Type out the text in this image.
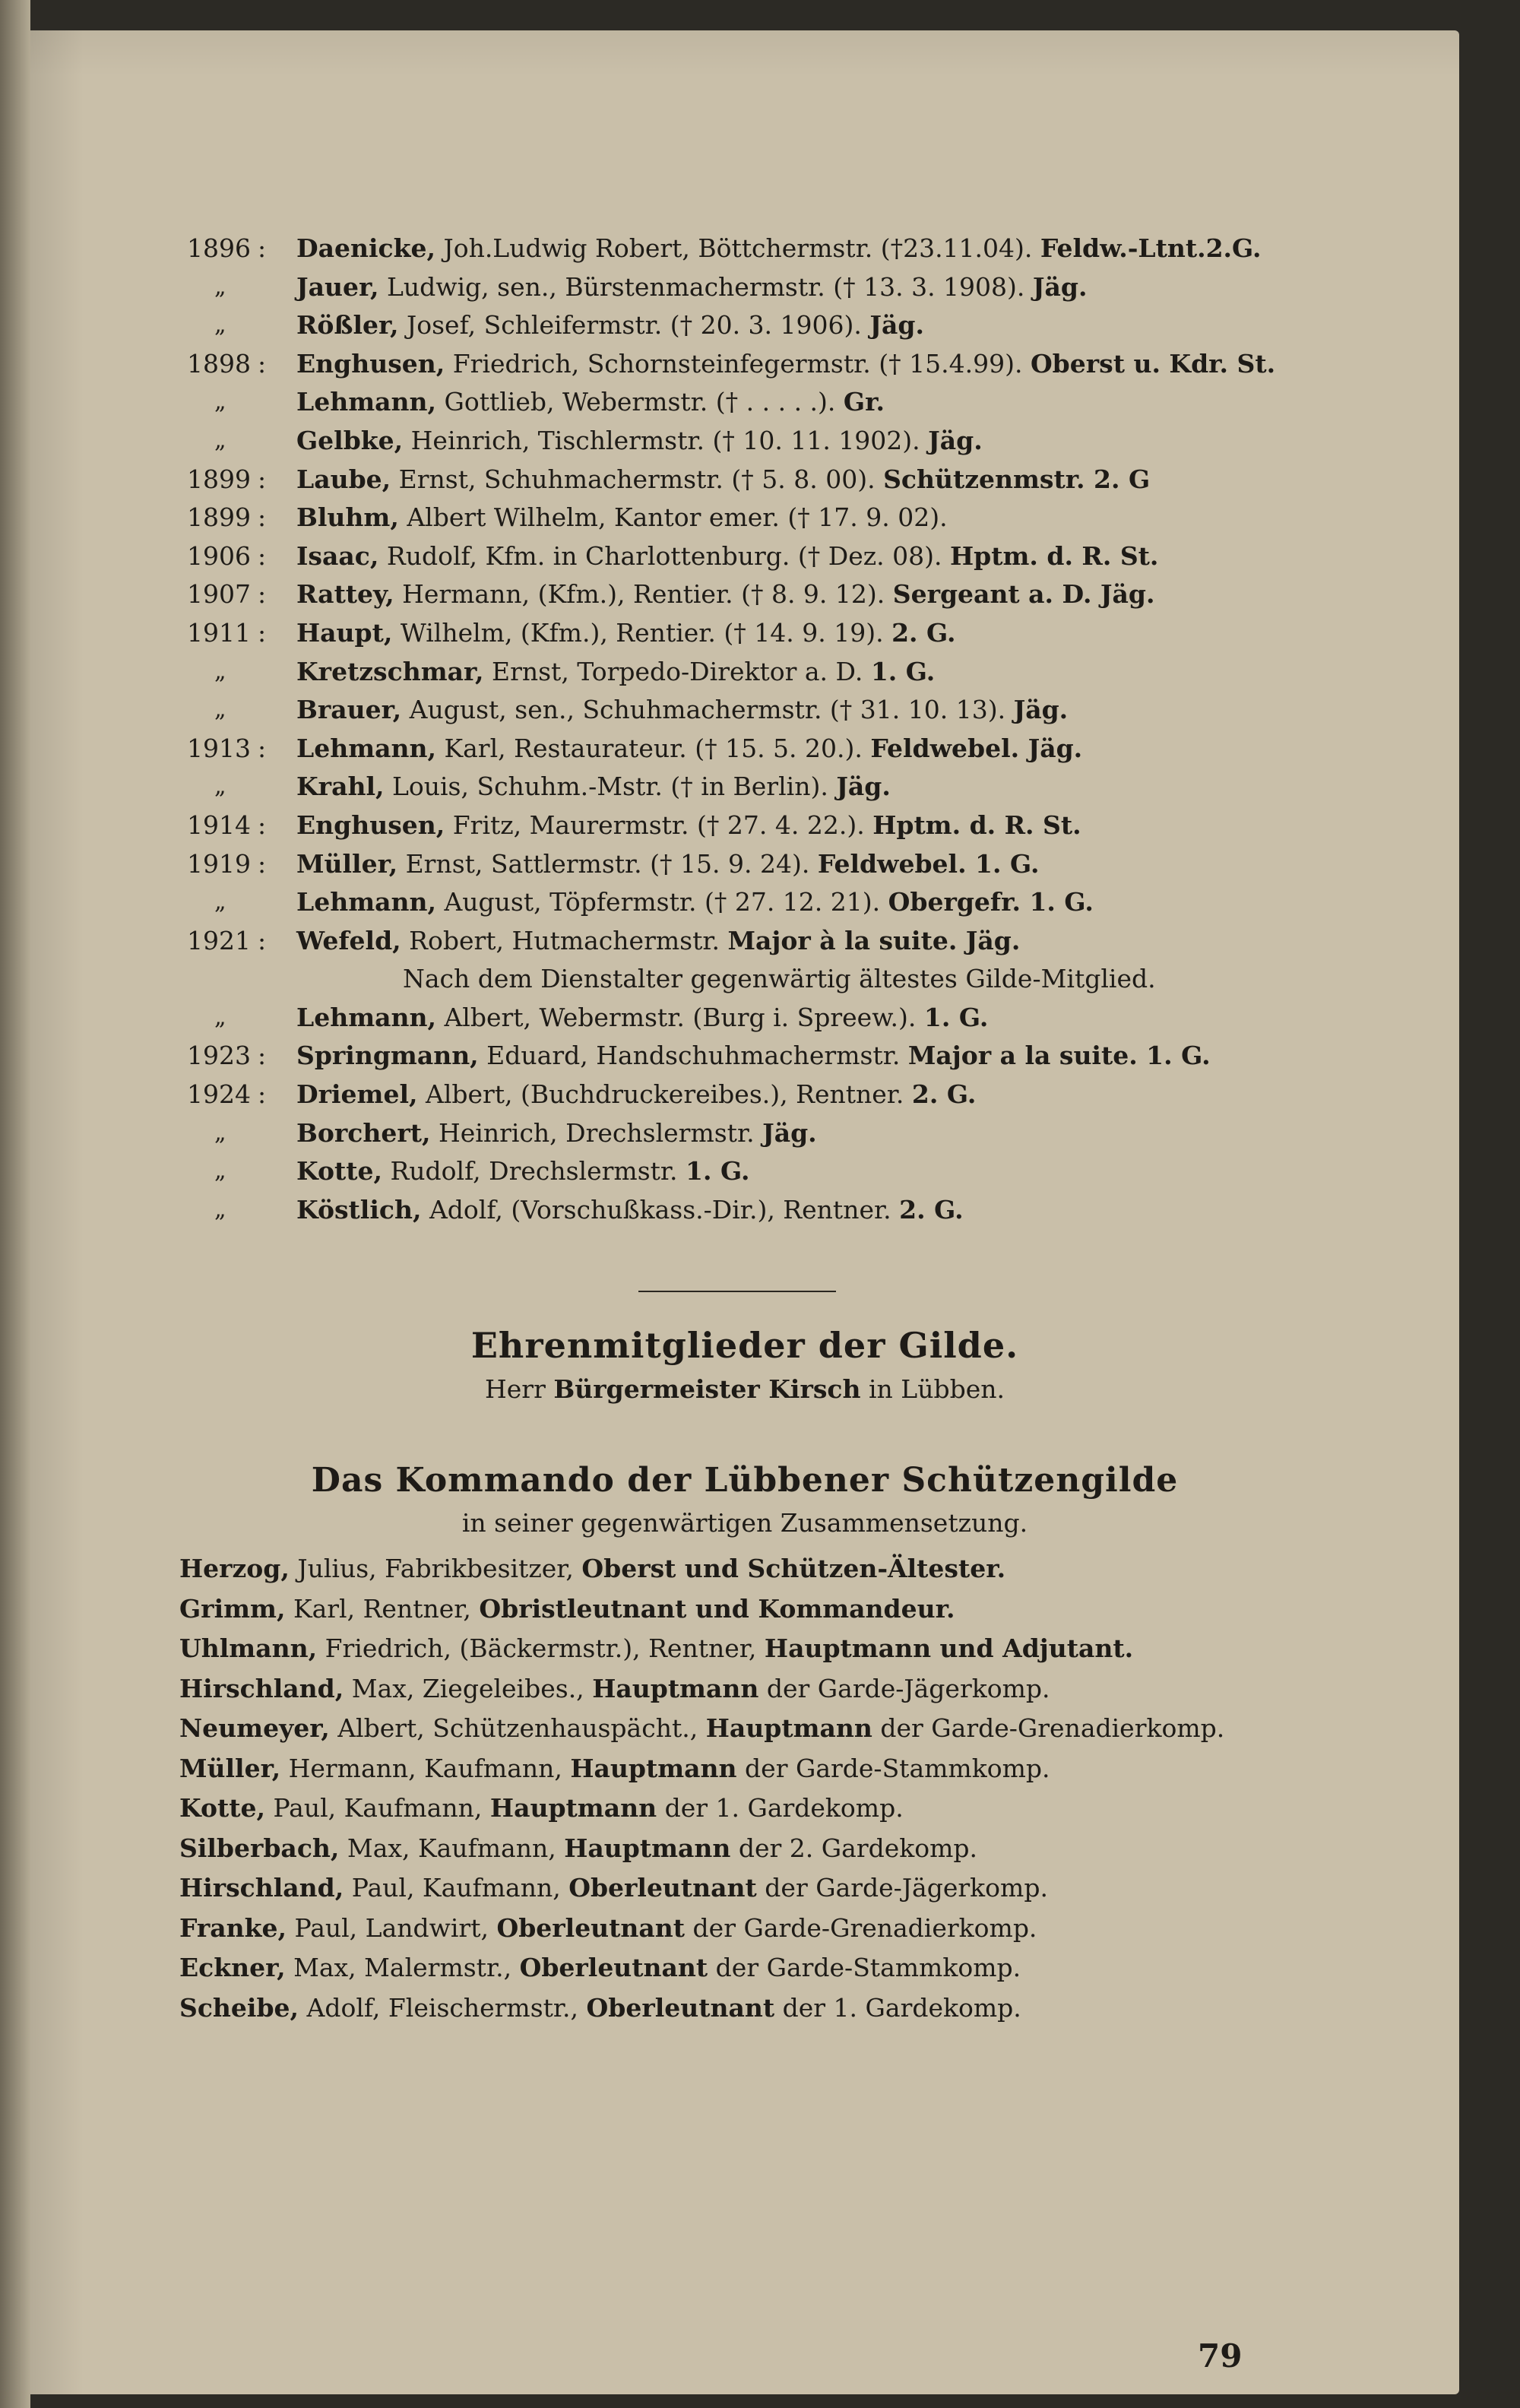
1896 : Daenicke, Joh.Ludwig Robert, Böttchermstr. (†23.11.04). Feldw.-Ltnt.2.G.
„	Jauer, Ludwig, sen., Bürstenmachermstr. († 13. 3. 1908). Jäg.
„	Rößler, Josef, Schleifermstr. († 20. 3. 1906). Jäg.
1898 : Enghusen, Friedrich, Schornsteinfegermstr. († 15.4.99). Oberst u. Kdr. St.
„	Lehmann, Gottlieb, Webermstr. († . . . . .). Gr.
„	Gelbke, Heinrich, Tischlermstr. († 10. 11. 1902). Jäg.
1899 : Laube, Ernst, Schuhmachermstr. († 5. 8. 00). Schützenmstr. 2. G
1899 : Bluhm, Albert Wilhelm, Kantor emer. († 17. 9. 02).
1906 : Isaac, Rudolf, Kfm. in Charlottenburg. († Dez. 08). Hptm. d. R. St.
1907 : Rattey, Hermann, (Kfm.), Rentier. († 8. 9. 12). Sergeant a. D. Jäg.
1911 : Haupt, Wilhelm, (Kfm.), Rentier. († 14. 9. 19). 2. G.
„	Kretzschmar, Ernst, Torpedo-Direktor a. D. 1. G.
„	Brauer, August, sen., Schuhmachermstr. († 31. 10. 13). Jäg.
1913 : Lehmann, Karl, Restaurateur. († 15. 5. 20.). Feldwebel. Jäg.
„	Krahl, Louis, Schuhm.-Mstr. († in Berlin). Jäg.
1914 : Enghusen, Fritz, Maurermstr. († 27. 4. 22.). Hptm. d. R. St.
1919 : Müller, Ernst, Sattlermstr. († 15. 9. 24). Feldwebel. 1. G.
„	Lehmann, August, Töpfermstr. († 27. 12. 21). Obergefr. 1. G.
1921 : Wefeld, Robert, Hutmachermstr. Major à la suite. Jäg.
Nach dem Dienstalter gegenwärtig ältestes Gilde-Mitglied.
„	Lehmann, Albert, Webermstr. (Burg i. Spreew.). 1. G.
1923 : Springmann, Eduard, Handschuhmachermstr. Major a la suite. 1. G.
1924 : Driemel, Albert, (Buchdruckereibes.), Rentner. 2. G.
„	Borchert, Heinrich, Drechslermstr. Jäg.
„	Kotte, Rudolf, Drechslermstr. 1. G.
„	Köstlich, Adolf, (Vorschußkass.-Dir.), Rentner. 2. G.
Ehrenmitglieder der Gilde.
Herr Bürgermeister Kirsch in Lübben.
Das Kommando der Lübbener Schützengilde
in seiner gegenwärtigen Zusammensetzung.
Herzog, Julius, Fabrikbesitzer, Oberst und Schützen-Ältester.
Grimm, Karl, Rentner, Obristleutnant und Kommandeur.
Uhlmann, Friedrich, (Bäckermstr.), Rentner, Hauptmann und Adjutant.
Hirschland, Max, Ziegeleibes., Hauptmann der Garde-Jägerkomp.
Neumeyer, Albert, Schützenhauspächt., Hauptmann der Garde-Grenadierkomp.
Müller, Hermann, Kaufmann, Hauptmann der Garde-Stammkomp.
Kotte, Paul, Kaufmann, Hauptmann der 1. Gardekomp.
Silberbach, Max, Kaufmann, Hauptmann der 2. Gardekomp.
Hirschland, Paul, Kaufmann, Oberleutnant der Garde-Jägerkomp.
Franke, Paul, Landwirt, Oberleutnant der Garde-Grenadierkomp.
Eckner, Max, Malermstr., Oberleutnant der Garde-Stammkomp.
Scheibe, Adolf, Fleischermstr., Oberleutnant der 1. Gardekomp.
79
